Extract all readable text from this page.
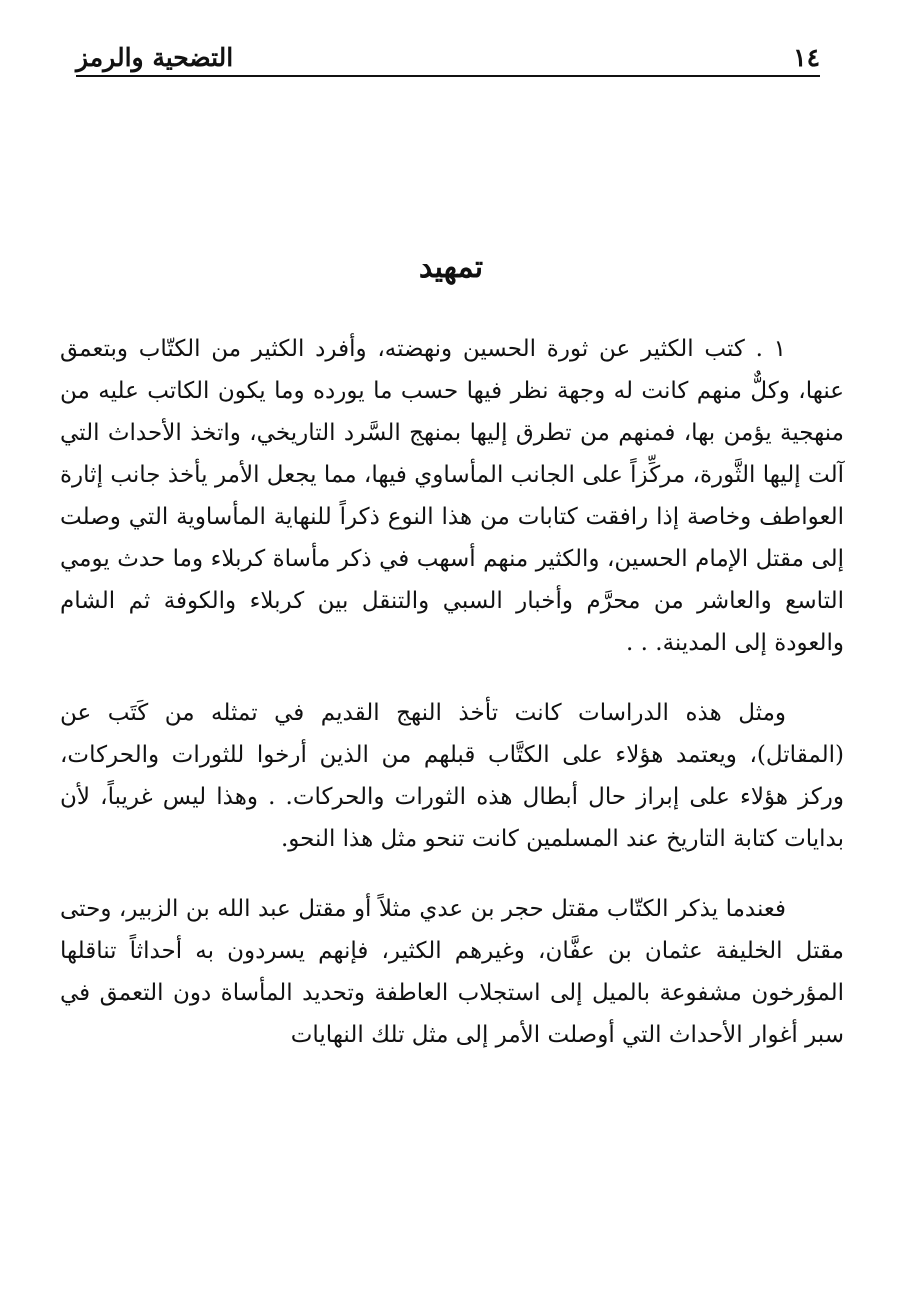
١٤
التضحية والرمز
تمهيد

١ . كتب الكثير عن ثورة الحسين ونهضته، وأفرد الكثير من الكتّاب وبتعمق عنها، وكلٌّ منهم كانت له وجهة نظر فيها حسب ما يورده وما يكون الكاتب عليه من منهجية يؤمن بها، فمنهم من تطرق إليها بمنهج السَّرد التاريخي، واتخذ الأحداث التي آلت إليها الثَّورة، مركِّزاً على الجانب المأساوي فيها، مما يجعل الأمر يأخذ جانب إثارة العواطف وخاصة إذا رافقت كتابات من هذا النوع ذكراً للنهاية المأساوية التي وصلت إلى مقتل الإمام الحسين، والكثير منهم أسهب في ذكر مأساة كربلاء وما حدث يومي التاسع والعاشر من محرَّم وأخبار السبي والتنقل بين كربلاء والكوفة ثم الشام والعودة إلى المدينة. . .

ومثل هذه الدراسات كانت تأخذ النهج القديم في تمثله من كَتَب عن (المقاتل)، ويعتمد هؤلاء على الكتَّاب قبلهم من الذين أرخوا للثورات والحركات، وركز هؤلاء على إبراز حال أبطال هذه الثورات والحركات. . وهذا ليس غريباً، لأن بدايات كتابة التاريخ عند المسلمين كانت تنحو مثل هذا النحو.

فعندما يذكر الكتّاب مقتل حجر بن عدي مثلاً أو مقتل عبد الله بن الزبير، وحتى مقتل الخليفة عثمان بن عفَّان، وغيرهم الكثير، فإنهم يسردون به أحداثاً تناقلها المؤرخون مشفوعة بالميل إلى استجلاب العاطفة وتحديد المأساة دون التعمق في سبر أغوار الأحداث التي أوصلت الأمر إلى مثل تلك النهايات
